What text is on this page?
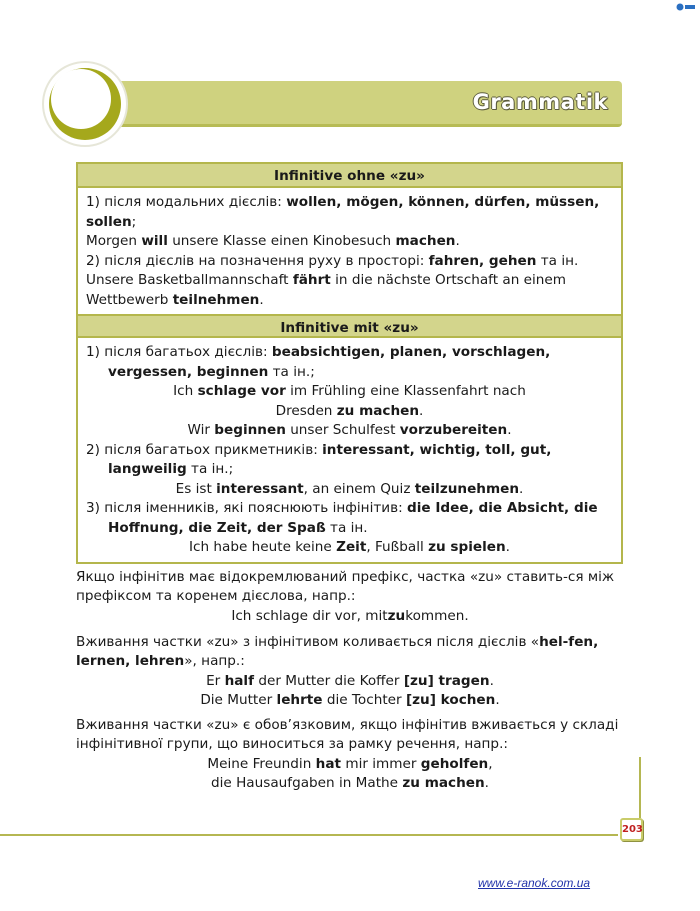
Grammatik
Infinitive ohne «zu»

1) після модальних дієслів: wollen, mögen, können, dürfen, müssen, sollen;

Morgen will unsere Klasse einen Kinobesuch machen.

2) після дієслів на позначення руху в просторі: fahren, gehen та ін.

Unsere Basketballmannschaft fährt in die nächste Ortschaft an einem Wettbewerb teilnehmen.

Infinitive mit «zu»

1) після багатьох дієслів: beabsichtigen, planen, vorschlagen, vergessen, beginnen та ін.;

Ich schlage vor im Frühling eine Klassenfahrt nach Dresden zu machen.

Wir beginnen unser Schulfest vorzubereiten.

2) після багатьох прикметників: interessant, wichtig, toll, gut, langweilig та ін.;

Es ist interessant, an einem Quiz teilzunehmen.

3) після іменників, які пояснюють інфінітив: die Idee, die Absicht, die Hoffnung, die Zeit, der Spaß та ін.

Ich habe heute keine Zeit, Fußball zu spielen.

Якщо інфінітив має відокремлюваний префікс, частка «zu» ставить-ся між префіксом та коренем дієслова, напр.:

Ich schlage dir vor, mitzukommen.

Вживання частки «zu» з інфінітивом коливається після дієслів «hel-fen, lernen, lehren», напр.:

Er half der Mutter die Koffer [zu] tragen.

Die Mutter lehrte die Tochter [zu] kochen.

Вживання частки «zu» є обов’язковим, якщо інфінітив вживається у складі інфінітивної групи, що виноситься за рамку речення, напр.:

Meine Freundin hat mir immer geholfen,

die Hausaufgaben in Mathe zu machen.

203
www.e-ranok.com.ua
